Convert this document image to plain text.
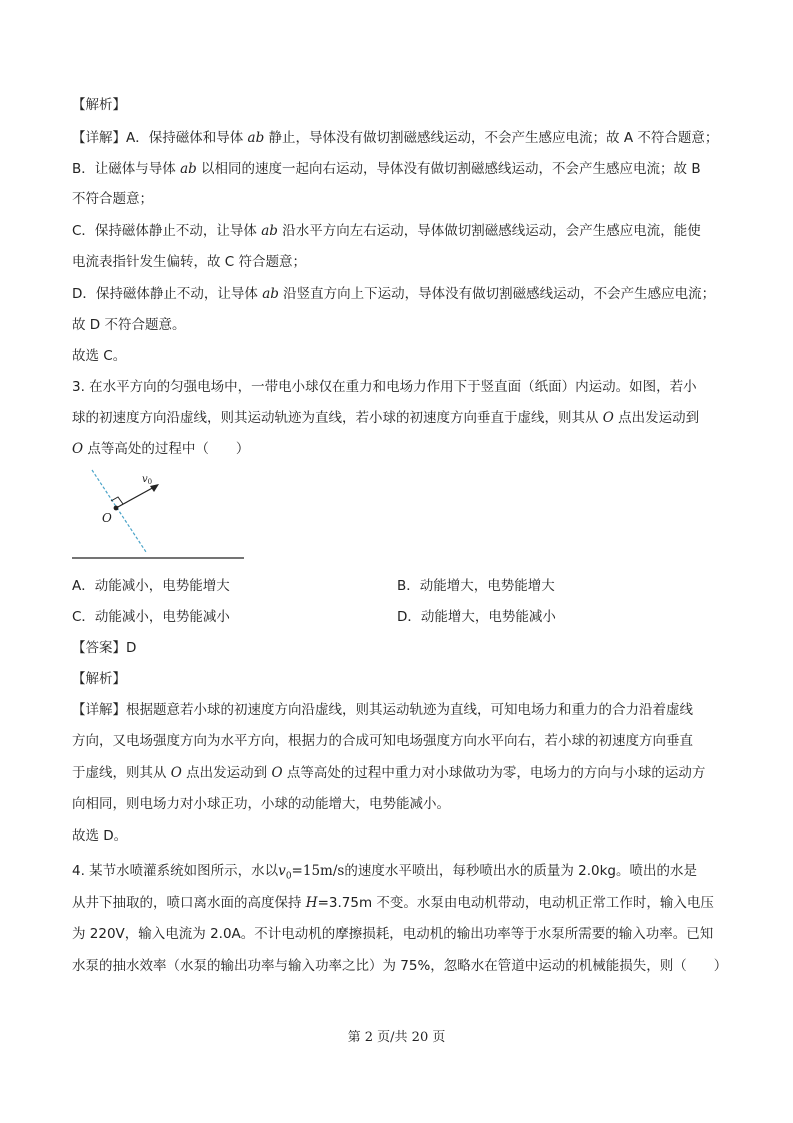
【解析】
【详解】A．保持磁体和导体 ab 静止，导体没有做切割磁感线运动，不会产生感应电流；故 A 不符合题意；
B．让磁体与导体 ab 以相同的速度一起向右运动，导体没有做切割磁感线运动，不会产生感应电流；故 B
不符合题意；
C．保持磁体静止不动，让导体 ab 沿水平方向左右运动，导体做切割磁感线运动，会产生感应电流，能使
电流表指针发生偏转，故 C 符合题意；
D．保持磁体静止不动，让导体 ab 沿竖直方向上下运动，导体没有做切割磁感线运动，不会产生感应电流；
故 D 不符合题意。
故选 C。
3. 在水平方向的匀强电场中，一带电小球仅在重力和电场力作用下于竖直面（纸面）内运动。如图，若小
球的初速度方向沿虚线，则其运动轨迹为直线，若小球的初速度方向垂直于虚线，则其从 O 点出发运动到
O 点等高处的过程中（　　）
O
$v_0$
A．动能减小，电势能增大	B．动能增大，电势能增大
C．动能减小，电势能减小	D．动能增大，电势能减小
【答案】D
【解析】
【详解】根据题意若小球的初速度方向沿虚线，则其运动轨迹为直线，可知电场力和重力的合力沿着虚线
方向，又电场强度方向为水平方向，根据力的合成可知电场强度方向水平向右，若小球的初速度方向垂直
于虚线，则其从 O 点出发运动到 O 点等高处的过程中重力对小球做功为零，电场力的方向与小球的运动方
向相同，则电场力对小球正功，小球的动能增大，电势能减小。
故选 D。
4. 某节水喷灌系统如图所示，水以$v_0=15m/s$的速度水平喷出，每秒喷出水的质量为 2.0kg。喷出的水是
从井下抽取的，喷口离水面的高度保持 H=3.75m 不变。水泵由电动机带动，电动机正常工作时，输入电压
为 220V，输入电流为 2.0A。不计电动机的摩擦损耗，电动机的输出功率等于水泵所需要的输入功率。已知
水泵的抽水效率（水泵的输出功率与输入功率之比）为 75%，忽略水在管道中运动的机械能损失，则（　　）
第 2 页/共 20 页
